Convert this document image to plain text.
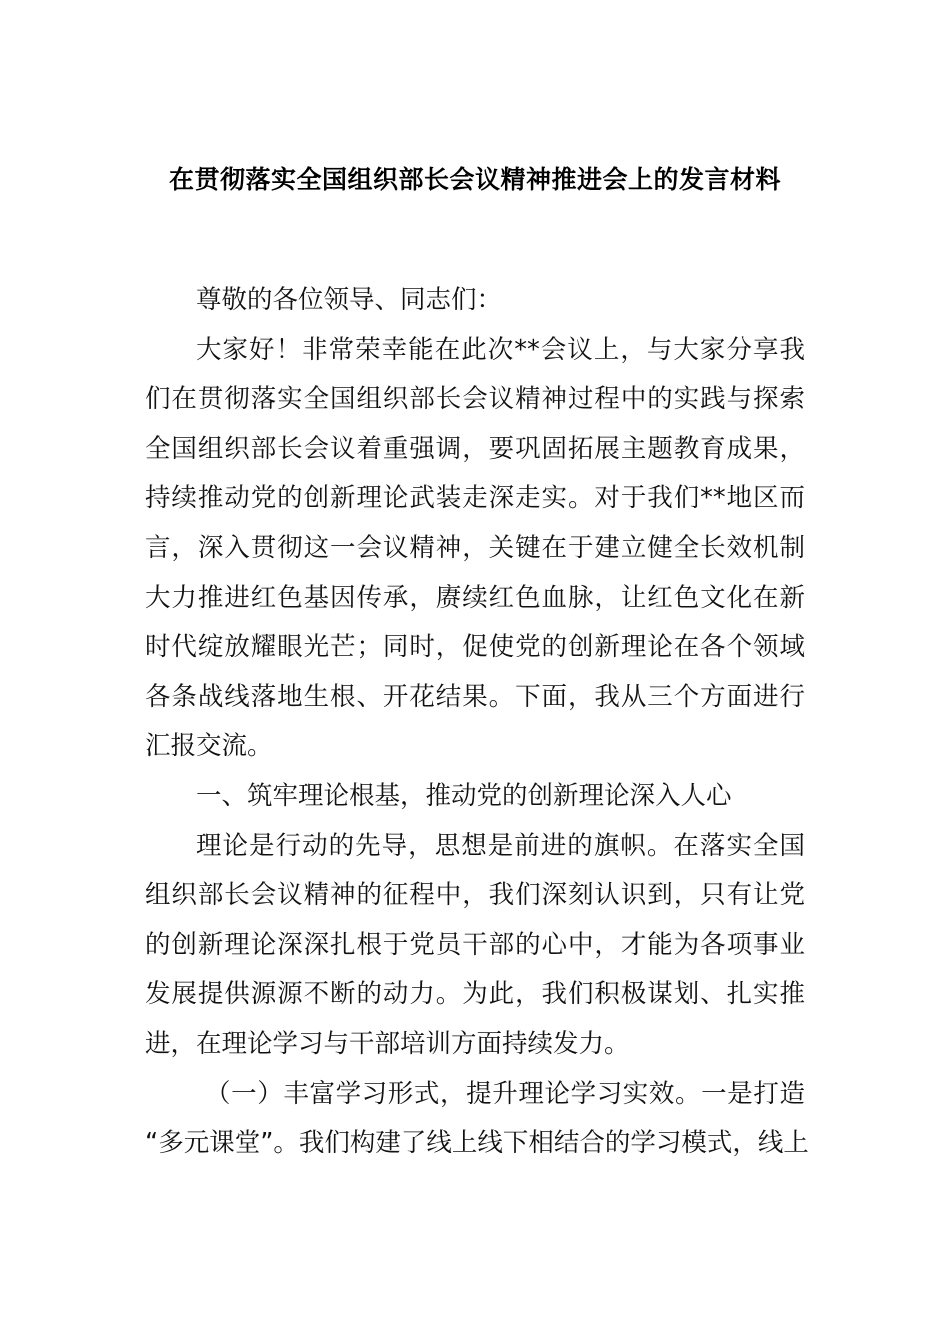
在贯彻落实全国组织部长会议精神推进会上的发言材料
尊敬的各位领导、同志们：
大家好！非常荣幸能在此次**会议上，与大家分享我
们在贯彻落实全国组织部长会议精神过程中的实践与探索
全国组织部长会议着重强调，要巩固拓展主题教育成果，
持续推动党的创新理论武装走深走实。对于我们**地区而
言，深入贯彻这一会议精神，关键在于建立健全长效机制
大力推进红色基因传承，赓续红色血脉，让红色文化在新
时代绽放耀眼光芒；同时，促使党的创新理论在各个领域
各条战线落地生根、开花结果。下面，我从三个方面进行
汇报交流。
一、筑牢理论根基，推动党的创新理论深入人心
理论是行动的先导，思想是前进的旗帜。在落实全国
组织部长会议精神的征程中，我们深刻认识到，只有让党
的创新理论深深扎根于党员干部的心中，才能为各项事业
发展提供源源不断的动力。为此，我们积极谋划、扎实推
进，在理论学习与干部培训方面持续发力。
（一）丰富学习形式，提升理论学习实效。一是打造
“多元课堂”。我们构建了线上线下相结合的学习模式，线上
